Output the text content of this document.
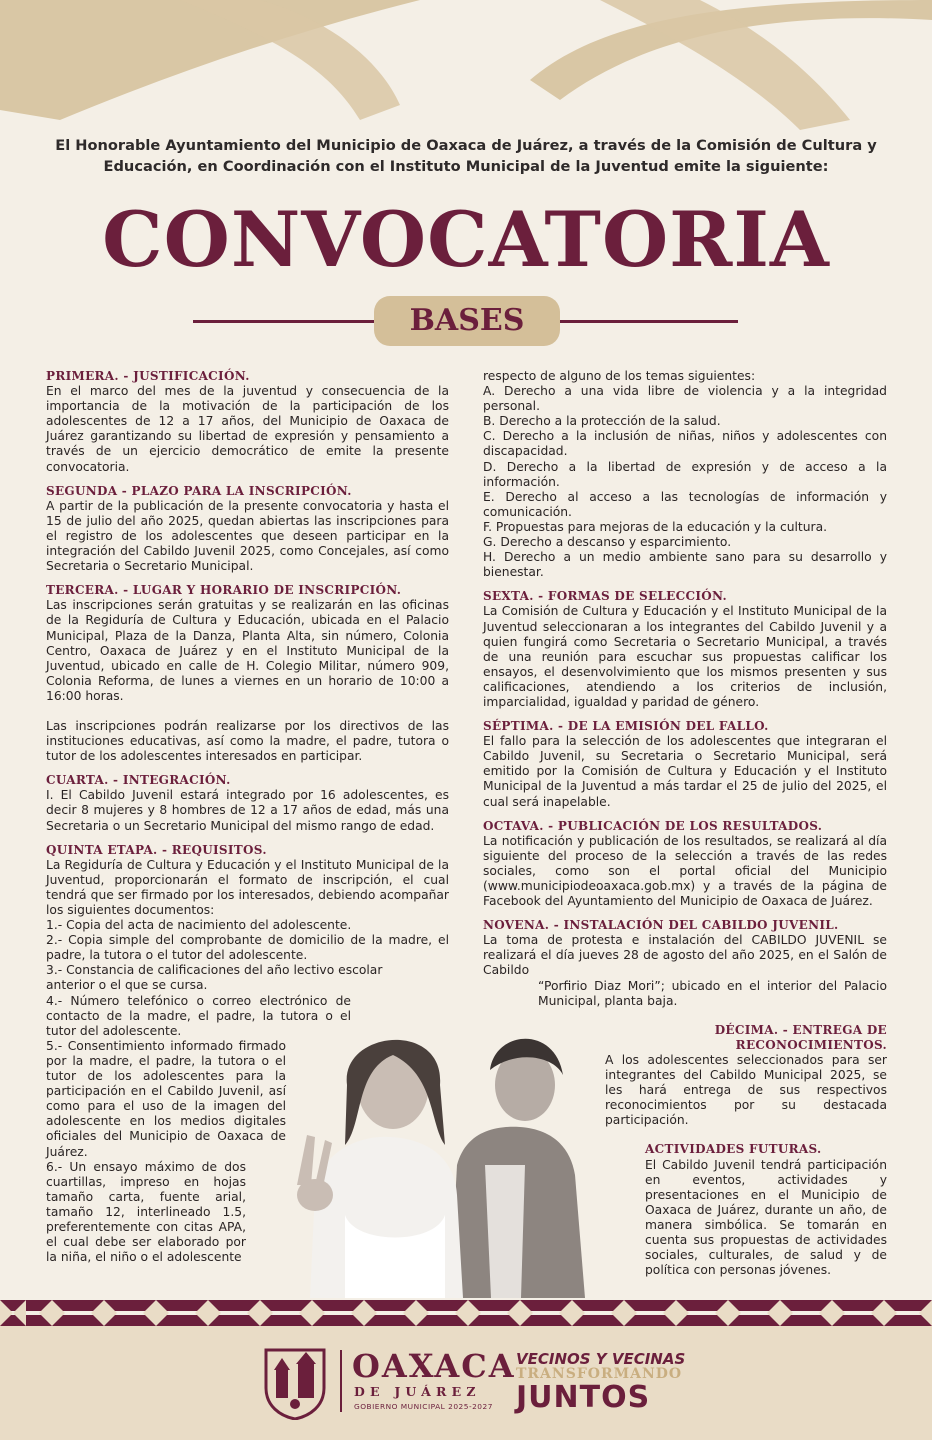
El Honorable Ayuntamiento del Municipio de Oaxaca de Juárez, a través de la Comisión de Cultura y Educación, en Coordinación con el Instituto Municipal de la Juventud emite la siguiente:
CONVOCATORIA
BASES

PRIMERA. - JUSTIFICACIÓN.

En el marco del mes de la juventud y consecuencia de la importancia de la motivación de la participación de los adolescentes de 12 a 17 años, del Municipio de Oaxaca de Juárez garantizando su libertad de expresión y pensamiento a través de un ejercicio democrático de emite la presente convocatoria.

SEGUNDA - PLAZO PARA LA INSCRIPCIÓN.

A partir de la publicación de la presente convocatoria y hasta el 15 de julio del año 2025, quedan abiertas las inscripciones para el registro de los adolescentes que deseen participar en la integración del Cabildo Juvenil 2025, como Concejales, así como Secretaria o Secretario Municipal.

TERCERA. - LUGAR Y HORARIO DE INSCRIPCIÓN.

Las inscripciones serán gratuitas y se realizarán en las oficinas de la Regiduría de Cultura y Educación, ubicada en el Palacio Municipal, Plaza de la Danza, Planta Alta, sin número, Colonia Centro, Oaxaca de Juárez y en el Instituto Municipal de la Juventud, ubicado en calle de H. Colegio Militar, número 909, Colonia Reforma, de lunes a viernes en un horario de 10:00 a 16:00 horas.

Las inscripciones podrán realizarse por los directivos de las instituciones educativas, así como la madre, el padre, tutora o tutor de los adolescentes interesados en participar.

CUARTA. - INTEGRACIÓN.

I. El Cabildo Juvenil estará integrado por 16 adolescentes, es decir 8 mujeres y 8 hombres de 12 a 17 años de edad, más una Secretaria o un Secretario Municipal del mismo rango de edad.

QUINTA ETAPA. - REQUISITOS.

La Regiduría de Cultura y Educación y el Instituto Municipal de la Juventud, proporcionarán el formato de inscripción, el cual tendrá que ser firmado por los interesados, debiendo acompañar los siguientes documentos:

1.- Copia del acta de nacimiento del adolescente.

2.- Copia simple del comprobante de domicilio de la madre, el padre, la tutora o el tutor del adolescente.

3.- Constancia de calificaciones del año lectivo escolar anterior o el que se cursa.

4.- Número telefónico o correo electrónico de contacto de la madre, el padre, la tutora o el tutor del adolescente.

5.- Consentimiento informado firmado por la madre, el padre, la tutora o el tutor de los adolescentes para la participación en el Cabildo Juvenil, así como para el uso de la imagen del adolescente en los medios digitales oficiales del Municipio de Oaxaca de Juárez.

6.- Un ensayo máximo de dos cuartillas, impreso en hojas tamaño carta, fuente arial, tamaño 12, interlineado 1.5, preferentemente con citas APA, el cual debe ser elaborado por la niña, el niño o el adolescente

respecto de alguno de los temas siguientes:

A. Derecho a una vida libre de violencia y a la integridad personal.

B. Derecho a la protección de la salud.

C. Derecho a la inclusión de niñas, niños y adolescentes con discapacidad.

D. Derecho a la libertad de expresión y de acceso a la información.

E. Derecho al acceso a las tecnologías de información y comunicación.

F. Propuestas para mejoras de la educación y la cultura.

G. Derecho a descanso y esparcimiento.

H. Derecho a un medio ambiente sano para su desarrollo y bienestar.

SEXTA. - FORMAS DE SELECCIÓN.

La Comisión de Cultura y Educación y el Instituto Municipal de la Juventud seleccionaran a los integrantes del Cabildo Juvenil y a quien fungirá como Secretaria o Secretario Municipal, a través de una reunión para escuchar sus propuestas calificar los ensayos, el desenvolvimiento que los mismos presenten y sus calificaciones, atendiendo a los criterios de inclusión, imparcialidad, igualdad y paridad de género.

SÉPTIMA. - DE LA EMISIÓN DEL FALLO.

El fallo para la selección de los adolescentes que integraran el Cabildo Juvenil, su Secretaria o Secretario Municipal, será emitido por la Comisión de Cultura y Educación y el Instituto Municipal de la Juventud a más tardar el 25 de julio del 2025, el cual será inapelable.

OCTAVA. - PUBLICACIÓN DE LOS RESULTADOS.

La notificación y publicación de los resultados, se realizará al día siguiente del proceso de la selección a través de las redes sociales, como son el portal oficial del Municipio (www.municipiodeoaxaca.gob.mx) y a través de la página de Facebook del Ayuntamiento del Municipio de Oaxaca de Juárez.

NOVENA. - INSTALACIÓN DEL CABILDO JUVENIL.

La toma de protesta e instalación del CABILDO JUVENIL se realizará el día jueves 28 de agosto del año 2025, en el Salón de Cabildo

“Porfirio Diaz Mori”; ubicado en el interior del Palacio Municipal, planta baja.

DÉCIMA. - ENTREGA DE RECONOCIMIENTOS.

A los adolescentes seleccionados para ser integrantes del Cabildo Municipal 2025, se les hará entrega de sus respectivos reconocimientos por su destacada participación.

ACTIVIDADES FUTURAS.

El Cabildo Juvenil tendrá participación en eventos, actividades y presentaciones en el Municipio de Oaxaca de Juárez, durante un año, de manera simbólica. Se tomarán en cuenta sus propuestas de actividades sociales, culturales, de salud y de política con personas jóvenes.

OAXACA
DE JUÁREZ
GOBIERNO MUNICIPAL 2025-2027
VECINOS Y VECINAS
TRANSFORMANDO
JUNTOS
